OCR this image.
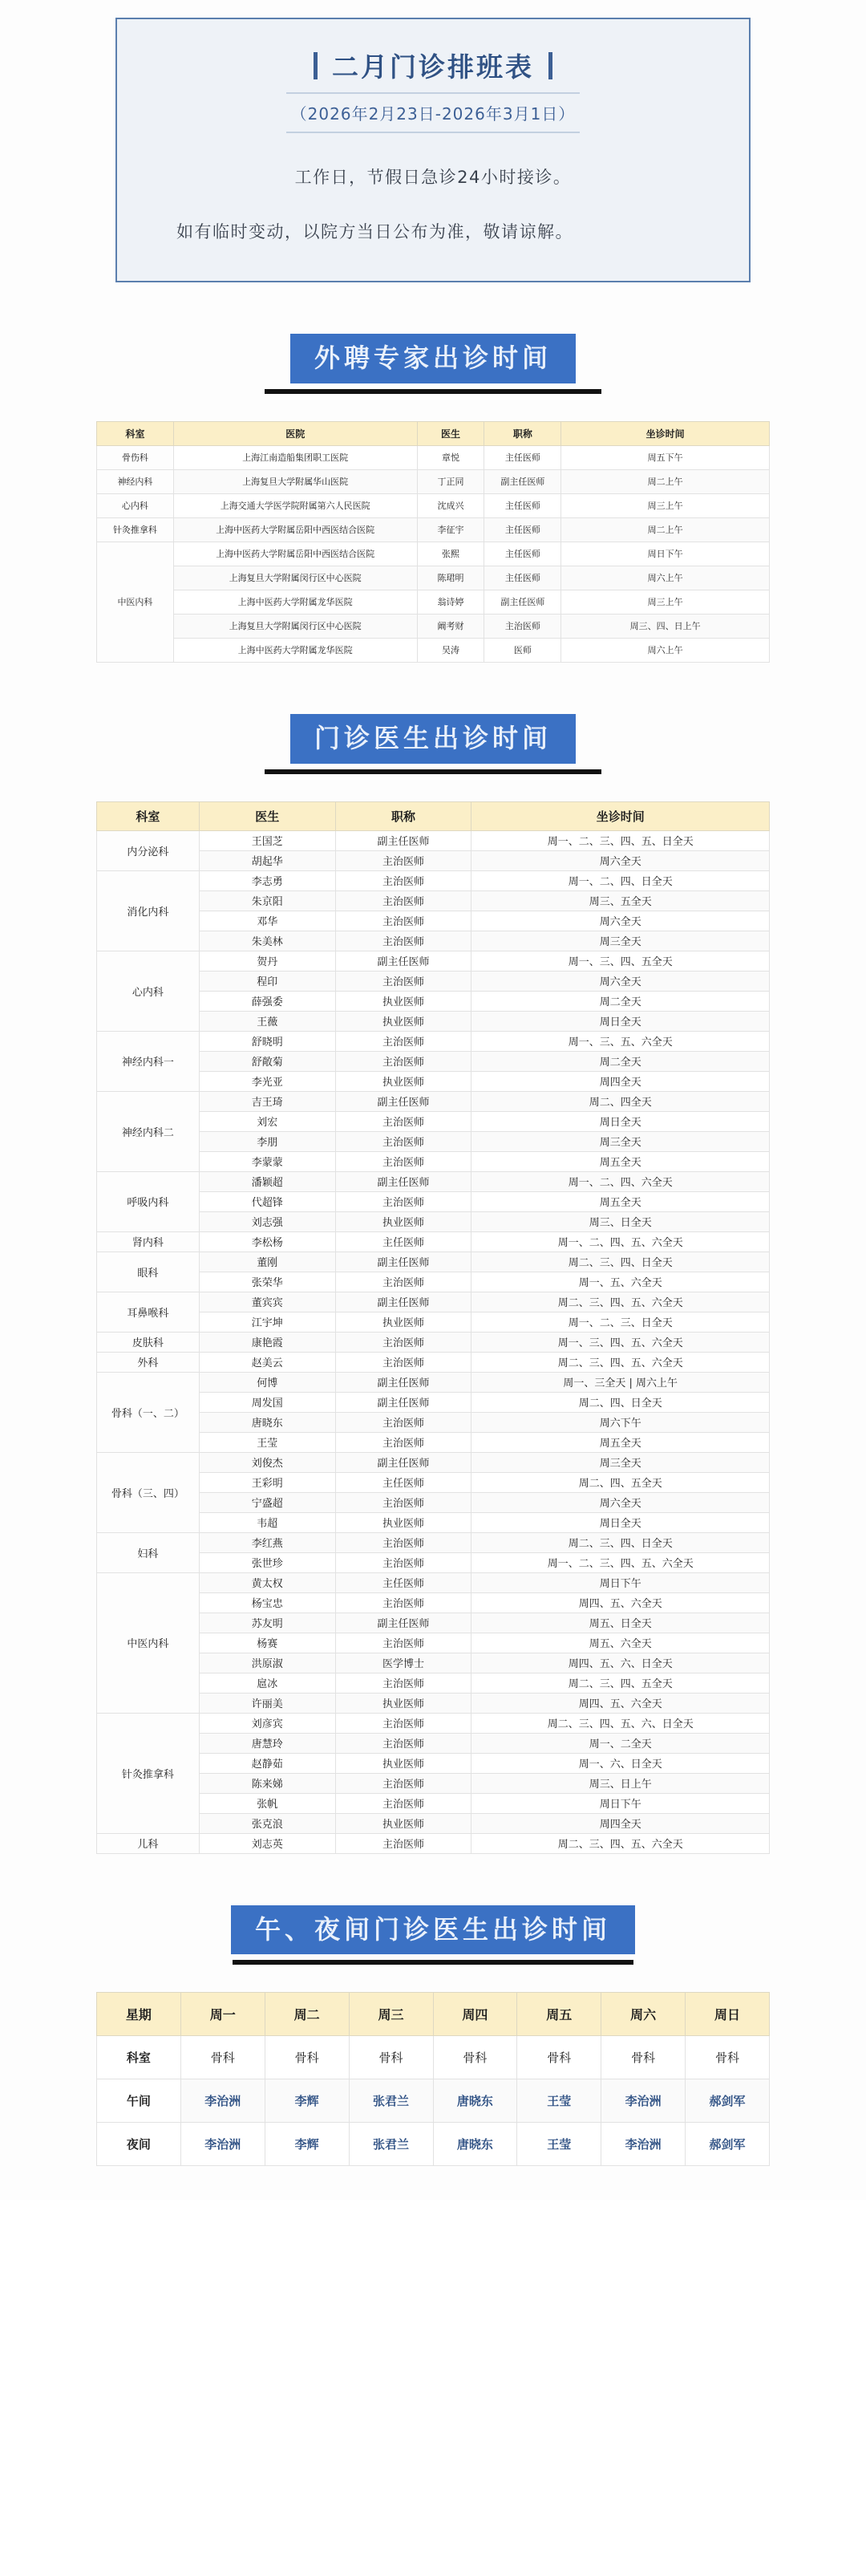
二月门诊排班表
（2026年2月23日-2026年3月1日）
工作日，节假日急诊24小时接诊。
如有临时变动，以院方当日公布为准，敬请谅解。
外聘专家出诊时间
科室	医院	医生	职称	坐诊时间
骨伤科	上海江南造船集团职工医院	章悦	主任医师	周五下午
神经内科	上海复旦大学附属华山医院	丁正同	副主任医师	周二上午
心内科	上海交通大学医学院附属第六人民医院	沈成兴	主任医师	周三上午
针灸推拿科	上海中医药大学附属岳阳中西医结合医院	李征宇	主任医师	周二上午
中医内科	上海中医药大学附属岳阳中西医结合医院	张熙	主任医师	周日下午
	上海复旦大学附属闵行区中心医院	陈珺明	主任医师	周六上午
	上海中医药大学附属龙华医院	翁诗婷	副主任医师	周三上午
	上海复旦大学附属闵行区中心医院	阚考财	主治医师	周三、四、日上午
	上海中医药大学附属龙华医院	吴涛	医师	周六上午
门诊医生出诊时间
科室	医生	职称	坐诊时间
内分泌科	王国芝	副主任医师	周一、二、三、四、五、日全天
	胡起华	主治医师	周六全天
消化内科	李志勇	主治医师	周一、二、四、日全天
	朱京阳	主治医师	周三、五全天
	邓华	主治医师	周六全天
	朱美林	主治医师	周三全天
心内科	贺丹	副主任医师	周一、三、四、五全天
	程印	主治医师	周六全天
	薛强委	执业医师	周二全天
	王薇	执业医师	周日全天
神经内科一	舒晓明	主治医师	周一、三、五、六全天
	舒敞菊	主治医师	周二全天
	李光亚	执业医师	周四全天
神经内科二	吉王琦	副主任医师	周二、四全天
	刘宏	主治医师	周日全天
	李朋	主治医师	周三全天
	李蒙蒙	主治医师	周五全天
呼吸内科	潘颖超	副主任医师	周一、二、四、六全天
	代超锋	主治医师	周五全天
	刘志强	执业医师	周三、日全天
肾内科	李松杨	主任医师	周一、二、四、五、六全天
眼科	董刚	副主任医师	周二、三、四、日全天
	张荣华	主治医师	周一、五、六全天
耳鼻喉科	董宾宾	副主任医师	周二、三、四、五、六全天
	江宇坤	执业医师	周一、二、三、日全天
皮肤科	康艳霞	主治医师	周一、三、四、五、六全天
外科	赵美云	主治医师	周二、三、四、五、六全天
骨科（一、二）	何博	副主任医师	周一、三全天 | 周六上午
	周发国	副主任医师	周二、四、日全天
	唐晓东	主治医师	周六下午
	王莹	主治医师	周五全天
骨科（三、四）	刘俊杰	副主任医师	周三全天
	王彩明	主任医师	周二、四、五全天
	宁盛超	主治医师	周六全天
	韦超	执业医师	周日全天
妇科	李红燕	主治医师	周二、三、四、日全天
	张世珍	主治医师	周一、二、三、四、五、六全天
中医内科	黄太权	主任医师	周日下午
	杨宝忠	主治医师	周四、五、六全天
	苏友明	副主任医师	周五、日全天
	杨赛	主治医师	周五、六全天
	洪原淑	医学博士	周四、五、六、日全天
	扈冰	主治医师	周二、三、四、五全天
	许丽美	执业医师	周四、五、六全天
针灸推拿科	刘彦宾	主治医师	周二、三、四、五、六、日全天
	唐慧玲	主治医师	周一、二全天
	赵静茹	执业医师	周一、六、日全天
	陈来娣	主治医师	周三、日上午
	张帆	主治医师	周日下午
	张克浪	执业医师	周四全天
儿科	刘志英	主治医师	周二、三、四、五、六全天
午、夜间门诊医生出诊时间
星期	周一	周二	周三	周四	周五	周六	周日
科室	骨科	骨科	骨科	骨科	骨科	骨科	骨科
午间	李治洲	李辉	张君兰	唐晓东	王莹	李治洲	郝剑军
夜间	李治洲	李辉	张君兰	唐晓东	王莹	李治洲	郝剑军
